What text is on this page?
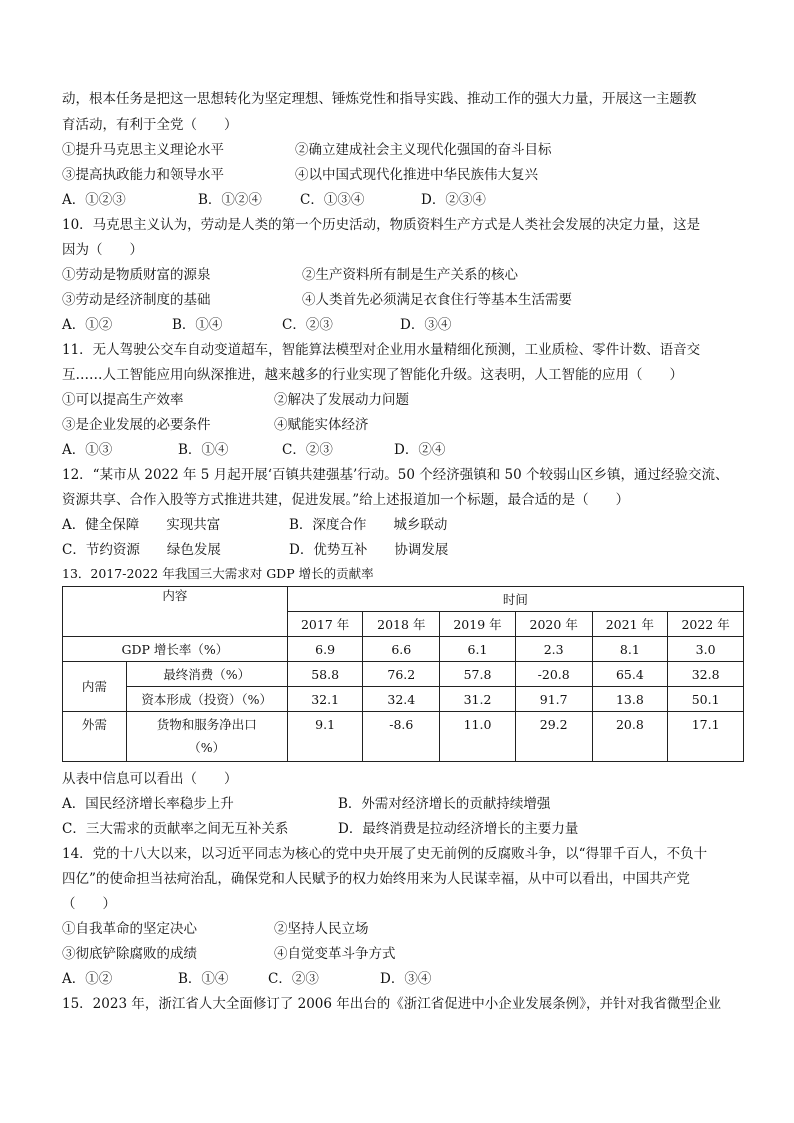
动，根本任务是把这一思想转化为坚定理想、锤炼党性和指导实践、推动工作的强大力量，开展这一主题教
育活动，有利于全党（　　）
①提升马克思主义理论水平	②确立建成社会主义现代化强国的奋斗目标
③提高执政能力和领导水平	④以中国式现代化推进中华民族伟大复兴
A．①②③	B．①②④	C．①③④	D．②③④
10．马克思主义认为，劳动是人类的第一个历史活动，物质资料生产方式是人类社会发展的决定力量，这是
因为（　　）
①劳动是物质财富的源泉	②生产资料所有制是生产关系的核心
③劳动是经济制度的基础	④人类首先必须满足衣食住行等基本生活需要
A．①②	B．①④	C．②③	D．③④
11．无人驾驶公交车自动变道超车，智能算法模型对企业用水量精细化预测，工业质检、零件计数、语音交
互……人工智能应用向纵深推进，越来越多的行业实现了智能化升级。这表明，人工智能的应用（　　）
①可以提高生产效率	②解决了发展动力问题
③是企业发展的必要条件	④赋能实体经济
A．①③	B．①④	C．②③	D．②④
12．“某市从 2022 年 5 月起开展‘百镇共建强基’行动。50 个经济强镇和 50 个较弱山区乡镇，通过经验交流、
资源共享、合作入股等方式推进共建，促进发展。”给上述报道加一个标题，最合适的是（　　）
A．健全保障　　实现共富	B．深度合作　　城乡联动
C．节约资源　　绿色发展	D．优势互补　　协调发展
13．2017-2022 年我国三大需求对 GDP 增长的贡献率
内容		时间					
		2017 年	2018 年	2019 年	2020 年	2021 年	2022 年
GDP 增长率（%）		6.9	6.6	6.1	2.3	8.1	3.0
内需	最终消费（%）	58.8	76.2	57.8	-20.8	65.4	32.8
	资本形成（投资）（%）	32.1	32.4	31.2	91.7	13.8	50.1
外需	货物和服务净出口
（%）	9.1	-8.6	11.0	29.2	20.8	17.1
从表中信息可以看出（　　）
A．国民经济增长率稳步上升	B．外需对经济增长的贡献持续增强
C．三大需求的贡献率之间无互补关系	D．最终消费是拉动经济增长的主要力量
14．党的十八大以来，以习近平同志为核心的党中央开展了史无前例的反腐败斗争，以“得罪千百人，不负十
四亿”的使命担当祛疴治乱，确保党和人民赋予的权力始终用来为人民谋幸福，从中可以看出，中国共产党
（　　）
①自我革命的坚定决心	②坚持人民立场
③彻底铲除腐败的成绩	④自觉变革斗争方式
A．①②	B．①④	C．②③	D．③④
15．2023 年，浙江省人大全面修订了 2006 年出台的《浙江省促进中小企业发展条例》，并针对我省微型企业
